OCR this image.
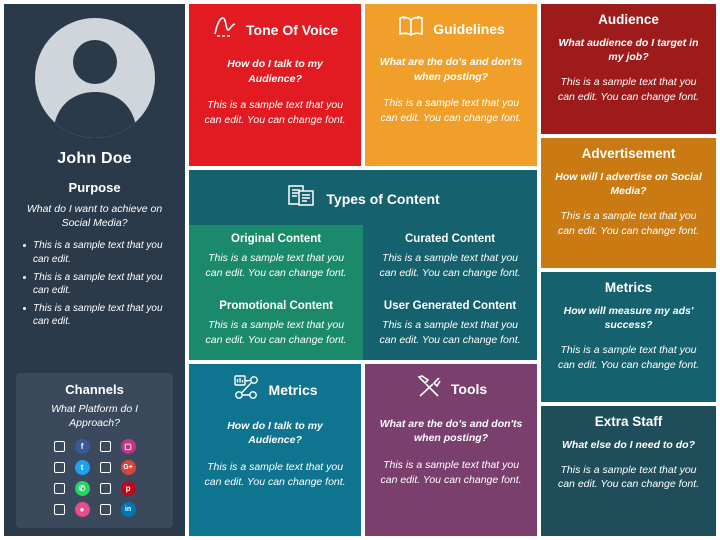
John Doe
Purpose
What do I want to achieve on Social Media?
This is a sample text that you can edit.
This is a sample text that you can edit.
This is a sample text that you can edit.
Channels
What Platform do I Approach?
f	▢
t	G+
✆	p
●	in
Tone Of Voice
How do I talk to my Audience?
This is a sample text that you can edit. You can change font.
Guidelines
What are the do's and don'ts when posting?
This is a sample text that you can edit. You can change font.
Types of Content
Original Content
This is a sample text that you can edit. You can change font.
Curated Content
This is a sample text that you can edit. You can change font.
Promotional Content
This is a sample text that you can edit. You can change font.
User Generated Content
This is a sample text that you can edit. You can change font.
Metrics
How do I talk to my Audience?
This is a sample text that you can edit. You can change font.
Tools
What are the do's and don'ts when posting?
This is a sample text that you can edit. You can change font.
Audience
What audience do I target in my job?
This is a sample text that you can edit. You can change font.
Advertisement
How will I advertise on Social Media?
This is a sample text that you can edit. You can change font.
Metrics
How will measure my ads' success?
This is a sample text that you can edit. You can change font.
Extra Staff
What else do I need to do?
This is a sample text that you can edit. You can change font.
